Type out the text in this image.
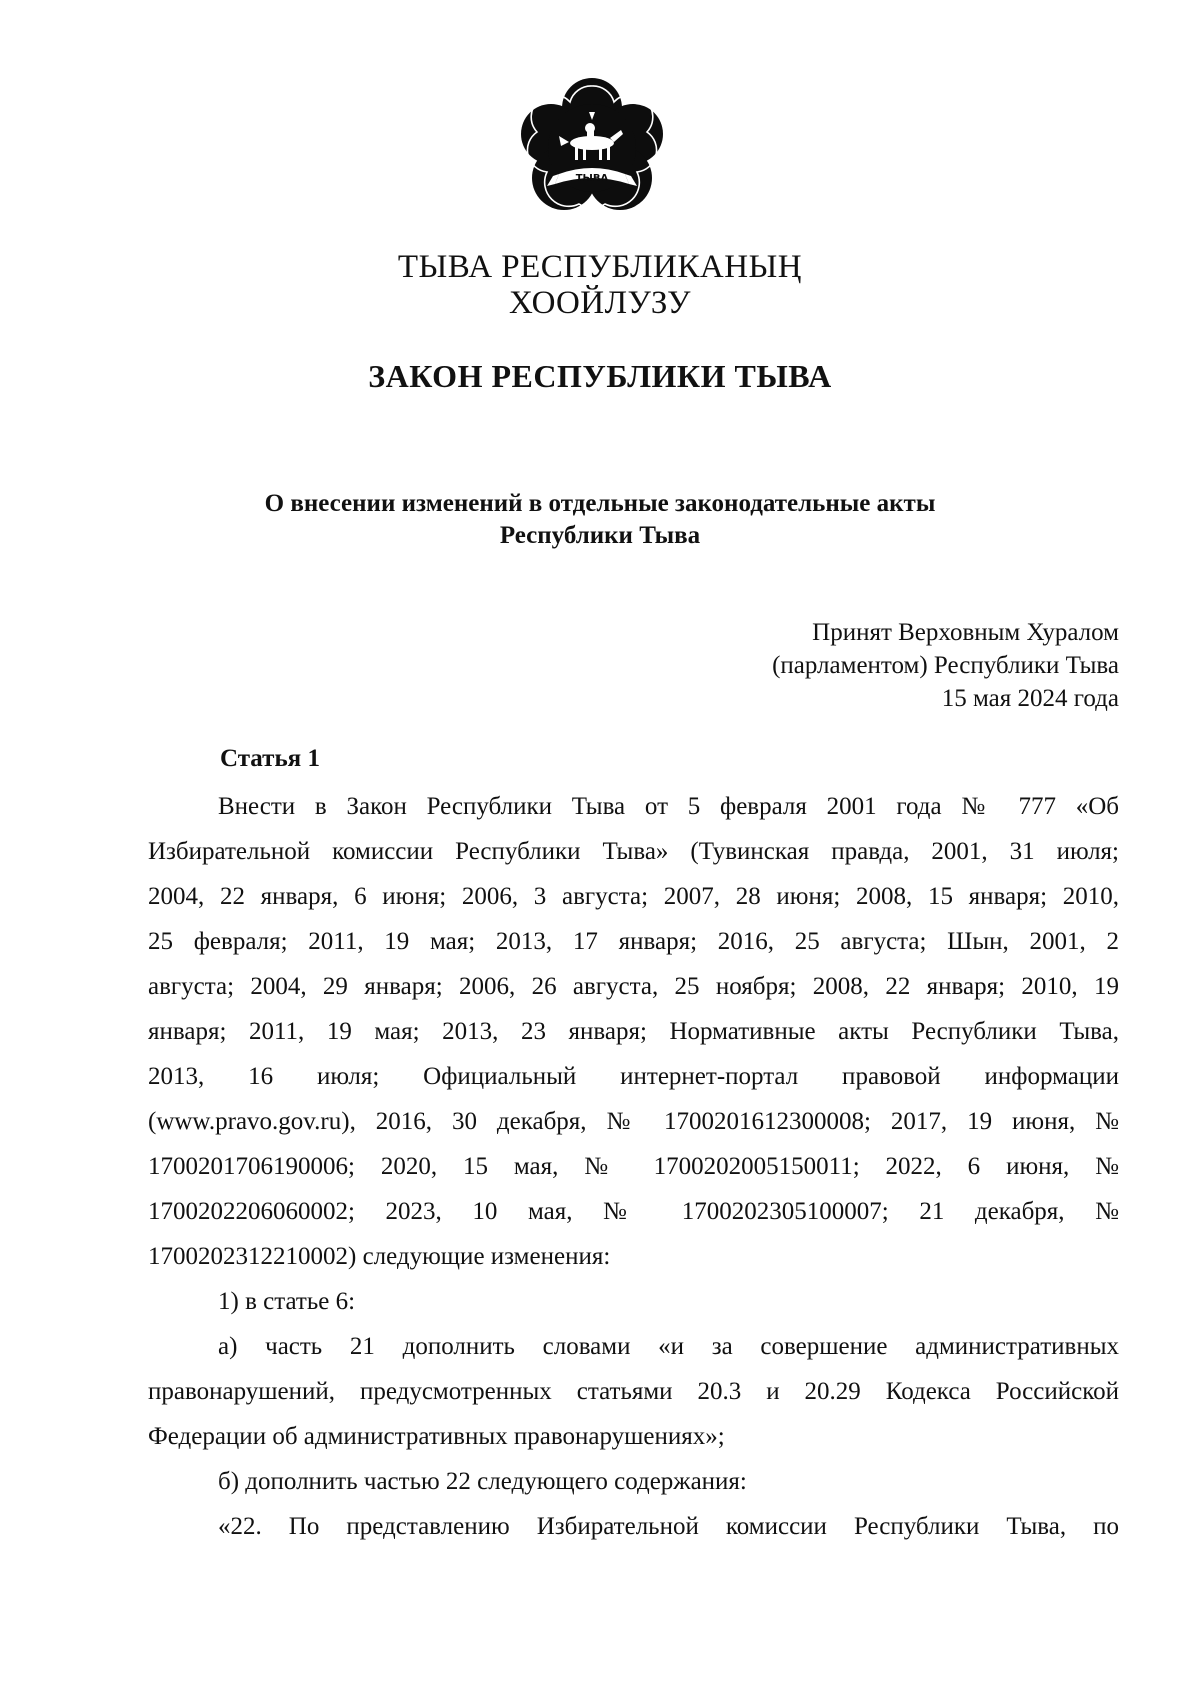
ТЫВА
ТЫВА РЕСПУБЛИКАНЫҢ
ХООЙЛУЗУ
ЗАКОН РЕСПУБЛИКИ ТЫВА
О внесении изменений в отдельные законодательные акты
Республики Тыва
Принят Верховным Хуралом
(парламентом) Республики Тыва
15 мая 2024 года
Статья 1
Внести в Закон Республики Тыва от 5 февраля 2001 года № 777 «Об
Избирательной комиссии Республики Тыва» (Тувинская правда, 2001, 31 июля;
2004, 22 января, 6 июня; 2006, 3 августа; 2007, 28 июня; 2008, 15 января; 2010,
25 февраля; 2011, 19 мая; 2013, 17 января; 2016, 25 августа; Шын, 2001, 2
августа; 2004, 29 января; 2006, 26 августа, 25 ноября; 2008, 22 января; 2010, 19
января; 2011, 19 мая; 2013, 23 января; Нормативные акты Республики Тыва,
2013, 16 июля; Официальный интернет-портал правовой информации
(www.pravo.gov.ru), 2016, 30 декабря, № 1700201612300008; 2017, 19 июня, №
1700201706190006; 2020, 15 мая, № 1700202005150011; 2022, 6 июня, №
1700202206060002; 2023, 10 мая, № 1700202305100007; 21 декабря, №
1700202312210002) следующие изменения:
1) в статье 6:
а) часть 21 дополнить словами «и за совершение административных
правонарушений, предусмотренных статьями 20.3 и 20.29 Кодекса Российской
Федерации об административных правонарушениях»;
б) дополнить частью 22 следующего содержания:
«22. По представлению Избирательной комиссии Республики Тыва, по
